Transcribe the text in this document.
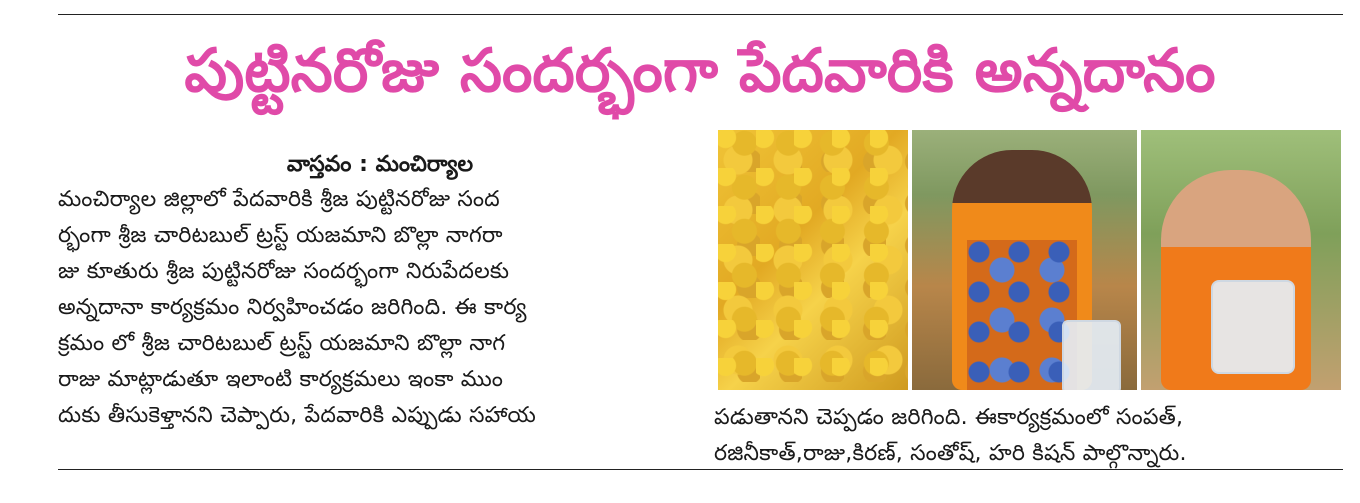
పుట్టినరోజు సందర్భంగా పేదవారికి అన్నదానం
వాస్తవం : మంచిర్యాల
మంచిర్యాల జిల్లాలో పేదవారికి శ్రీజ పుట్టినరోజు సంద
ర్భంగా శ్రీజ చారిటబుల్ ట్రస్ట్ యజమాని బొల్లా నాగరా
జు కూతురు శ్రీజ పుట్టినరోజు సందర్భంగా నిరుపేదలకు
అన్నదానా కార్యక్రమం నిర్వహించడం జరిగింది. ఈ కార్య
క్రమం లో శ్రీజ చారిటబుల్ ట్రస్ట్ యజమాని బొల్లా నాగ
రాజు మాట్లాడుతూ ఇలాంటి కార్యక్రమలు ఇంకా ముం
దుకు తీసుకెళ్తానని చెప్పారు, పేదవారికి ఎప్పుడు సహాయ	పడుతానని చెప్పడం జరిగింది. ఈకార్యక్రమంలో సంపత్,
రజినీకాత్,రాజు,కిరణ్, సంతోష్, హరి కిషన్ పాల్గొన్నారు.
